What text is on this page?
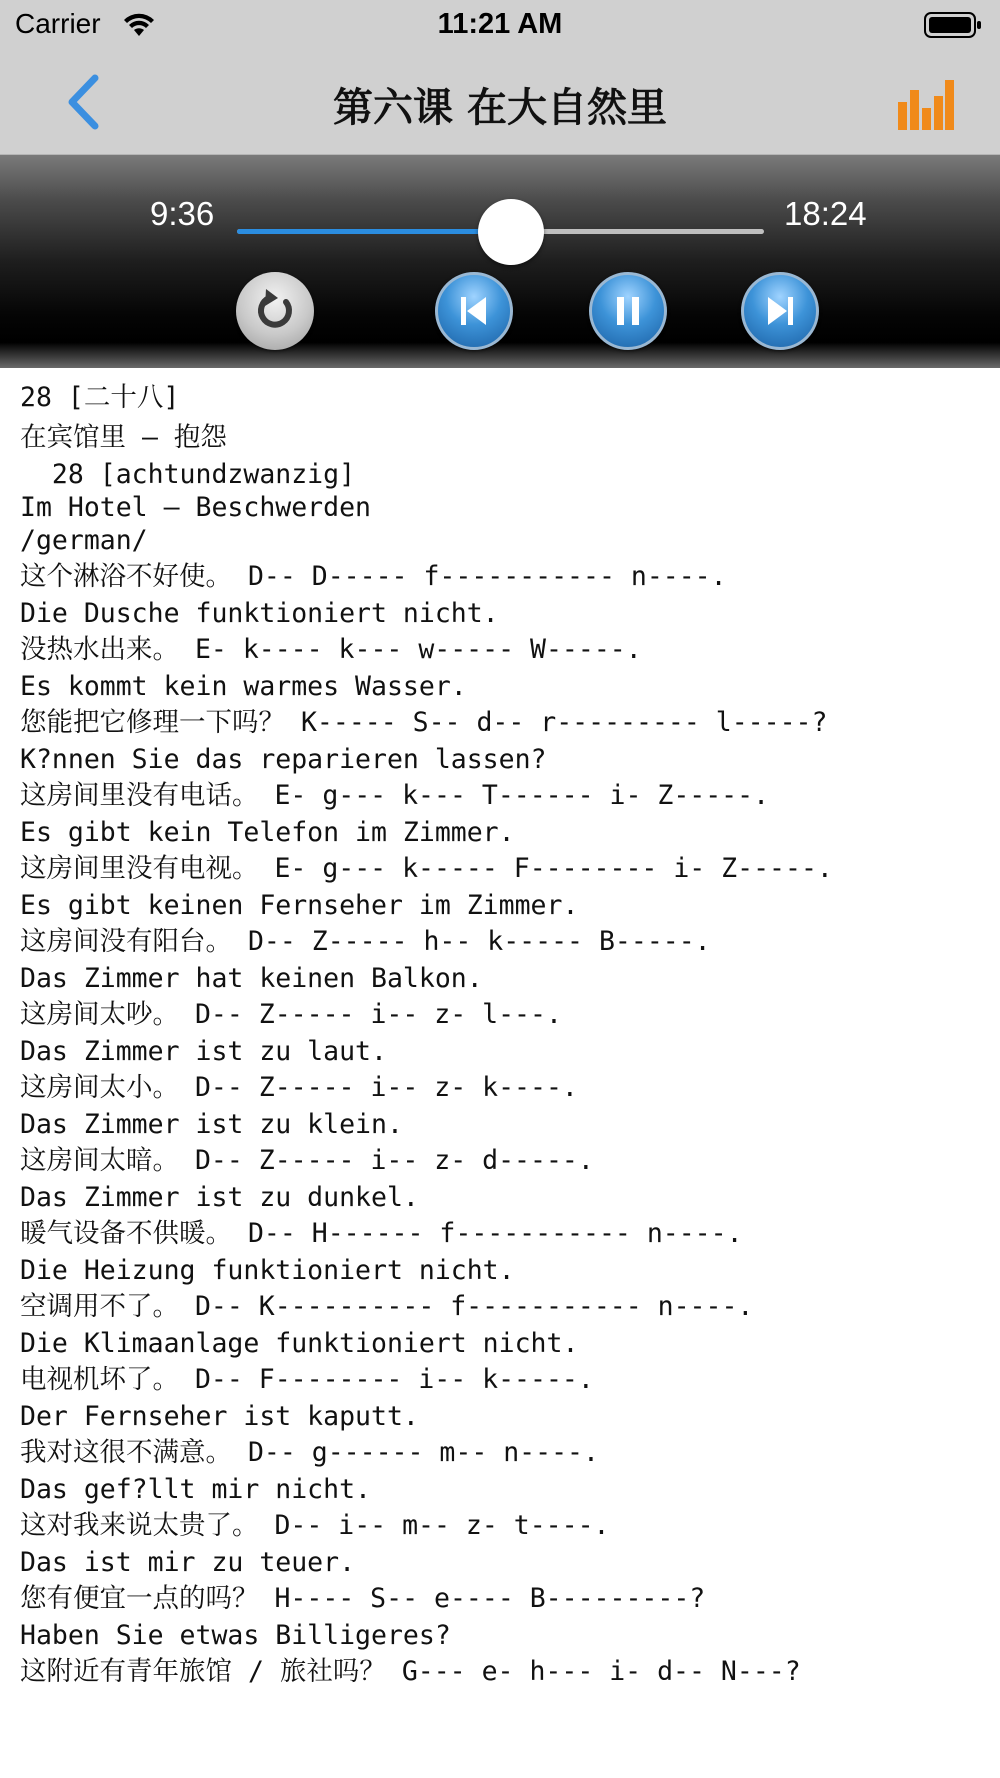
Carrier	11:21 AM
第六课 在大自然里
9:36	18:24
28 [二十八]
在宾馆里 – 抱怨
28 [achtundzwanzig]
Im Hotel – Beschwerden
/german/
这个淋浴不好使。 D-- D----- f----------- n----.
Die Dusche funktioniert nicht.
没热水出来。 E- k---- k--- w----- W-----.
Es kommt kein warmes Wasser.
您能把它修理一下吗？ K----- S-- d-- r--------- l-----?
K?nnen Sie das reparieren lassen?
这房间里没有电话。 E- g--- k--- T------ i- Z-----.
Es gibt kein Telefon im Zimmer.
这房间里没有电视。 E- g--- k----- F-------- i- Z-----.
Es gibt keinen Fernseher im Zimmer.
这房间没有阳台。 D-- Z----- h-- k----- B-----.
Das Zimmer hat keinen Balkon.
这房间太吵。 D-- Z----- i-- z- l---.
Das Zimmer ist zu laut.
这房间太小。 D-- Z----- i-- z- k----.
Das Zimmer ist zu klein.
这房间太暗。 D-- Z----- i-- z- d-----.
Das Zimmer ist zu dunkel.
暖气设备不供暖。 D-- H------ f----------- n----.
Die Heizung funktioniert nicht.
空调用不了。 D-- K---------- f----------- n----.
Die Klimaanlage funktioniert nicht.
电视机坏了。 D-- F-------- i-- k-----.
Der Fernseher ist kaputt.
我对这很不满意。 D-- g------ m-- n----.
Das gef?llt mir nicht.
这对我来说太贵了。 D-- i-- m-- z- t----.
Das ist mir zu teuer.
您有便宜一点的吗？ H---- S-- e---- B---------?
Haben Sie etwas Billigeres?
这附近有青年旅馆 / 旅社吗？ G--- e- h--- i- d-- N---?
